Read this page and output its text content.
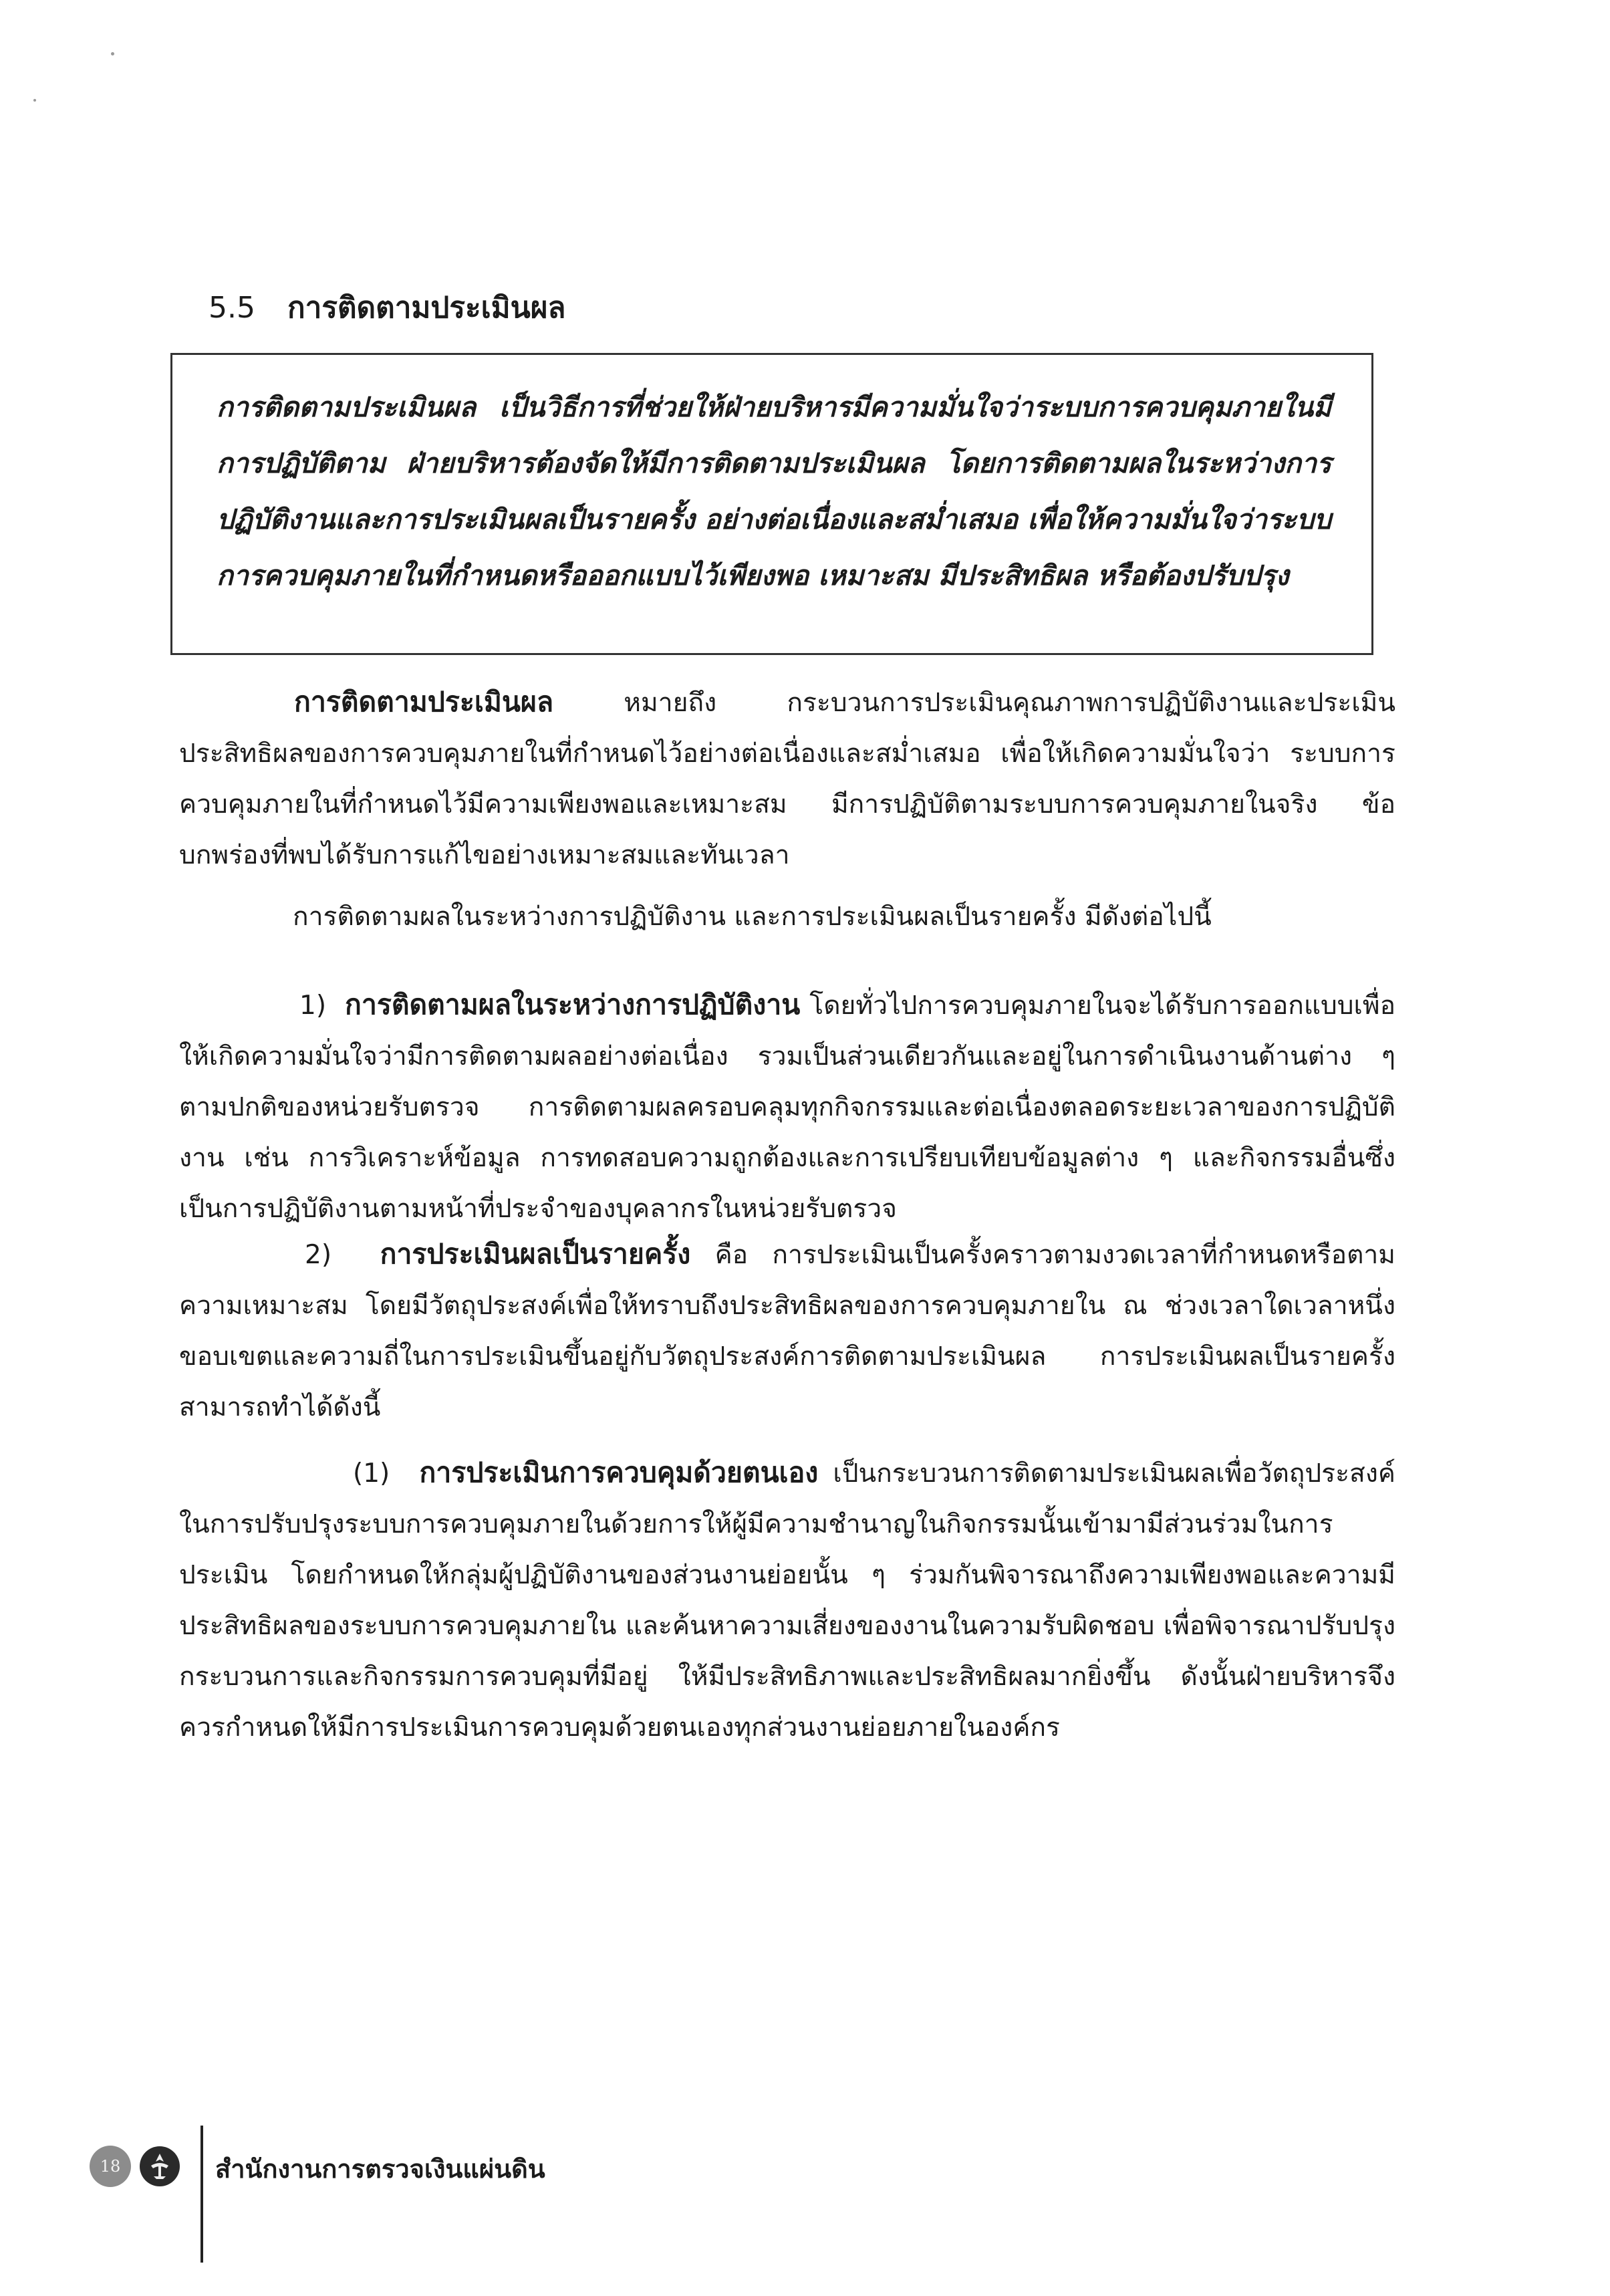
5.5 การติดตามประเมินผล
การติดตามประเมินผล เป็นวิธีการที่ช่วยให้ฝ่ายบริหารมีความมั่นใจว่าระบบการควบคุมภายในมีการปฏิบัติตาม ฝ่ายบริหารต้องจัดให้มีการติดตามประเมินผล โดยการติดตามผลในระหว่างการปฏิบัติงานและการประเมินผลเป็นรายครั้ง อย่างต่อเนื่องและสม่ำเสมอ เพื่อให้ความมั่นใจว่าระบบการควบคุมภายในที่กำหนดหรือออกแบบไว้เพียงพอ เหมาะสม มีประสิทธิผล หรือต้องปรับปรุง
การติดตามประเมินผล หมายถึง กระบวนการประเมินคุณภาพการปฏิบัติงานและประเมินประสิทธิผลของการควบคุมภายในที่กำหนดไว้อย่างต่อเนื่องและสม่ำเสมอ เพื่อให้เกิดความมั่นใจว่า ระบบการควบคุมภายในที่กำหนดไว้มีความเพียงพอและเหมาะสม มีการปฏิบัติตามระบบการควบคุมภายในจริง ข้อบกพร่องที่พบได้รับการแก้ไขอย่างเหมาะสมและทันเวลา
การติดตามผลในระหว่างการปฏิบัติงาน และการประเมินผลเป็นรายครั้ง มีดังต่อไปนี้
1) การติดตามผลในระหว่างการปฏิบัติงาน โดยทั่วไปการควบคุมภายในจะได้รับการออกแบบเพื่อให้เกิดความมั่นใจว่ามีการติดตามผลอย่างต่อเนื่อง รวมเป็นส่วนเดียวกันและอยู่ในการดำเนินงานด้านต่าง ๆ ตามปกติของหน่วยรับตรวจ การติดตามผลครอบคลุมทุกกิจกรรมและต่อเนื่องตลอดระยะเวลาของการปฏิบัติงาน เช่น การวิเคราะห์ข้อมูล การทดสอบความถูกต้องและการเปรียบเทียบข้อมูลต่าง ๆ และกิจกรรมอื่นซึ่งเป็นการปฏิบัติงานตามหน้าที่ประจำของบุคลากรในหน่วยรับตรวจ
2) การประเมินผลเป็นรายครั้ง คือ การประเมินเป็นครั้งคราวตามงวดเวลาที่กำหนดหรือตามความเหมาะสม โดยมีวัตถุประสงค์เพื่อให้ทราบถึงประสิทธิผลของการควบคุมภายใน ณ ช่วงเวลาใดเวลาหนึ่ง ขอบเขตและความถี่ในการประเมินขึ้นอยู่กับวัตถุประสงค์การติดตามประเมินผล การประเมินผลเป็นรายครั้งสามารถทำได้ดังนี้
(1) การประเมินการควบคุมด้วยตนเอง เป็นกระบวนการติดตามประเมินผลเพื่อวัตถุประสงค์ในการปรับปรุงระบบการควบคุมภายในด้วยการให้ผู้มีความชำนาญในกิจกรรมนั้นเข้ามามีส่วนร่วมในการประเมิน โดยกำหนดให้กลุ่มผู้ปฏิบัติงานของส่วนงานย่อยนั้น ๆ ร่วมกันพิจารณาถึงความเพียงพอและความมีประสิทธิผลของระบบการควบคุมภายใน และค้นหาความเสี่ยงของงานในความรับผิดชอบ เพื่อพิจารณาปรับปรุงกระบวนการและกิจกรรมการควบคุมที่มีอยู่ ให้มีประสิทธิภาพและประสิทธิผลมากยิ่งขึ้น ดังนั้นฝ่ายบริหารจึงควรกำหนดให้มีการประเมินการควบคุมด้วยตนเองทุกส่วนงานย่อยภายในองค์กร
18	สำนักงานการตรวจเงินแผ่นดิน
